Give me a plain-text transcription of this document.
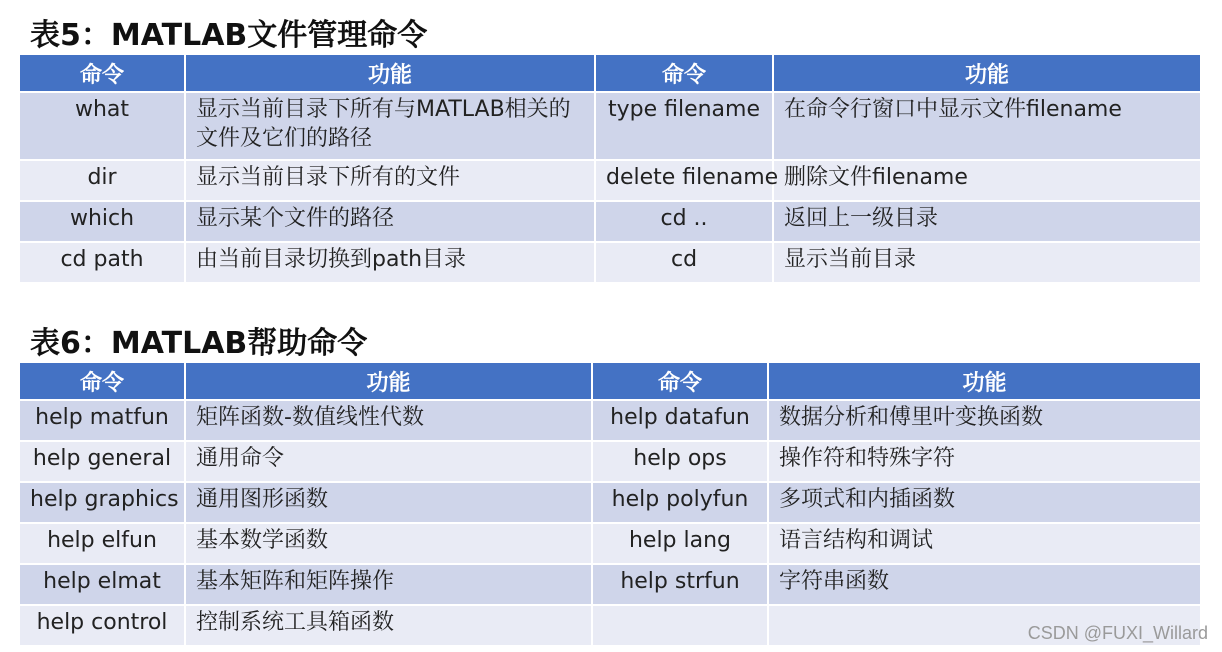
表5：MATLAB文件管理命令
命令	功能	命令	功能
what	显示当前目录下所有与MATLAB相关的文件及它们的路径	type filename	在命令行窗口中显示文件filename
dir	显示当前目录下所有的文件	delete filename	删除文件filename
which	显示某个文件的路径	cd ..	返回上一级目录
cd path	由当前目录切换到path目录	cd	显示当前目录
表6：MATLAB帮助命令
命令	功能	命令	功能
help matfun	矩阵函数-数值线性代数	help datafun	数据分析和傅里叶变换函数
help general	通用命令	help ops	操作符和特殊字符
help graphics	通用图形函数	help polyfun	多项式和内插函数
help elfun	基本数学函数	help lang	语言结构和调试
help elmat	基本矩阵和矩阵操作	help strfun	字符串函数
help control	控制系统工具箱函数			CSDN @FUXI_Willard
